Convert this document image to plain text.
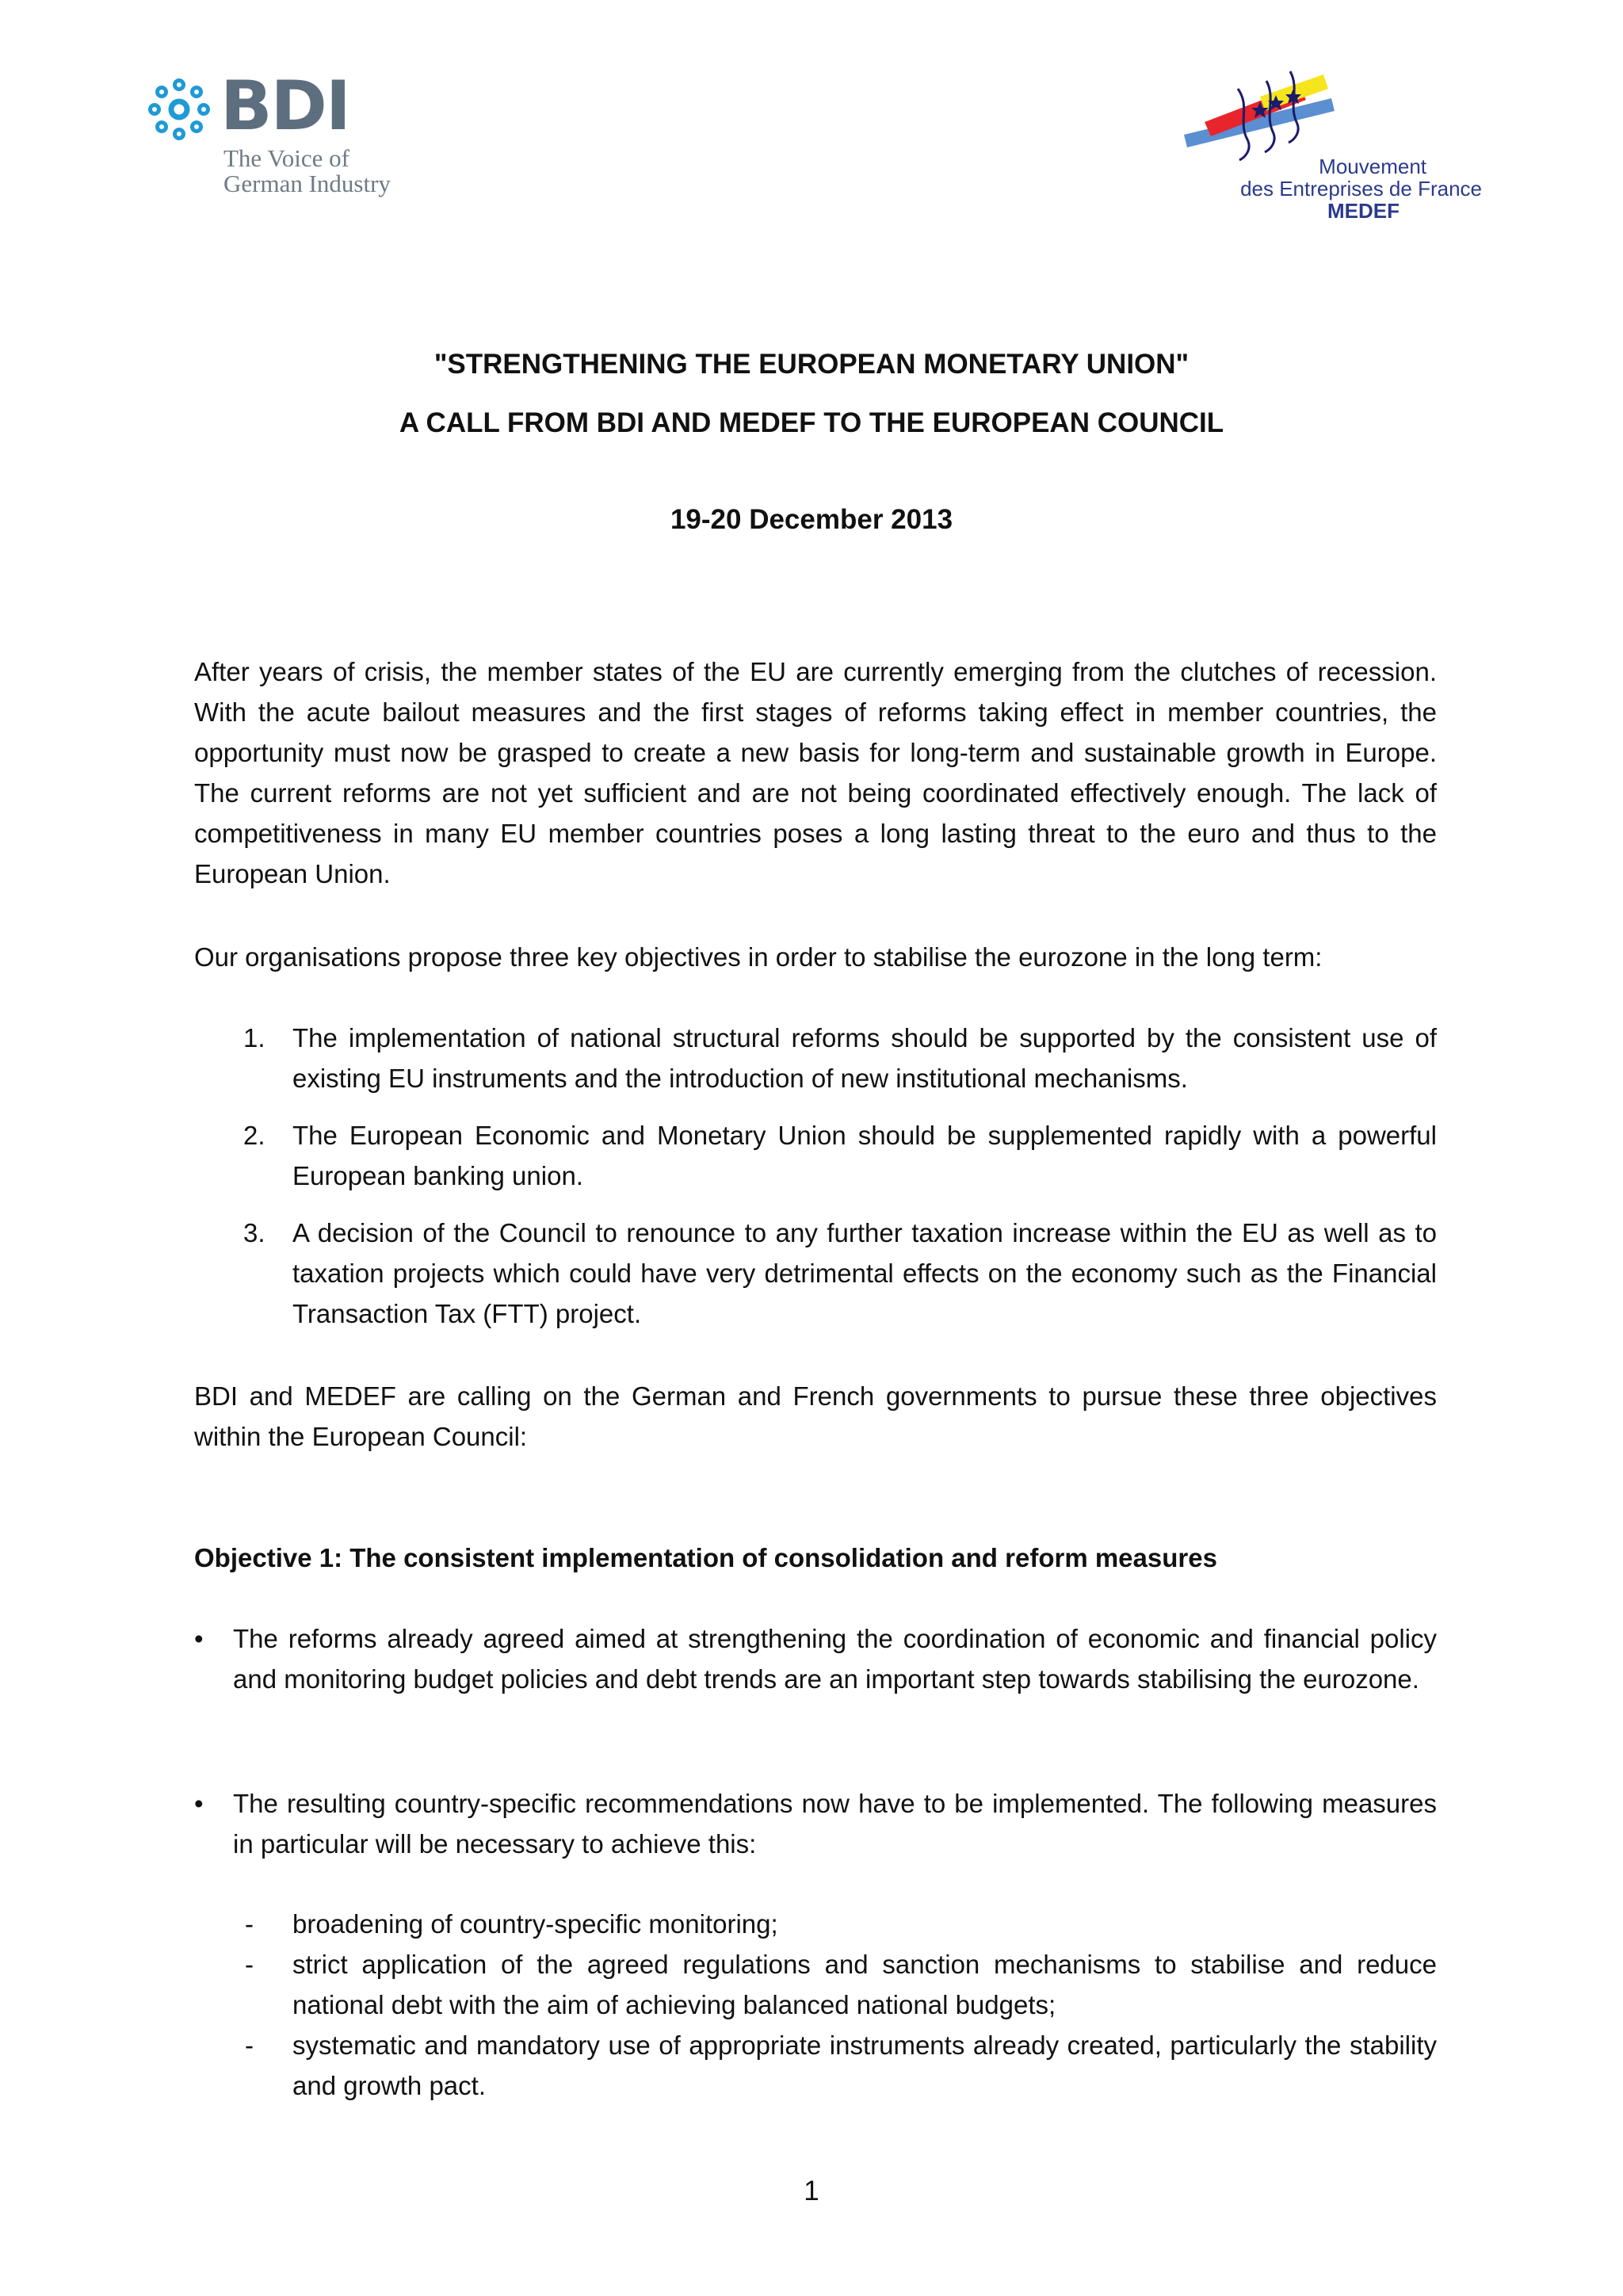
BDI
The Voice of
German Industry
Mouvement
des Entreprises de France
MEDEF
"STRENGTHENING THE EUROPEAN MONETARY UNION"
A CALL FROM BDI AND MEDEF TO THE EUROPEAN COUNCIL
19-20 December 2013
After years of crisis, the member states of the EU are currently emerging from the clutches of recession. With the acute bailout measures and the first stages of reforms taking effect in member countries, the opportunity must now be grasped to create a new basis for long-term and sustainable growth in Europe. The current reforms are not yet sufficient and are not being coordinated effectively enough. The lack of competitiveness in many EU member countries poses a long lasting threat to the euro and thus to the European Union.
Our organisations propose three key objectives in order to stabilise the eurozone in the long term:
1. The implementation of national structural reforms should be supported by the consistent use of existing EU instruments and the introduction of new institutional mechanisms.
2. The European Economic and Monetary Union should be supplemented rapidly with a powerful European banking union.
3. A decision of the Council to renounce to any further taxation increase within the EU as well as to taxation projects which could have very detrimental effects on the economy such as the Financial Transaction Tax (FTT) project.
BDI and MEDEF are calling on the German and French governments to pursue these three objectives within the European Council:
Objective 1: The consistent implementation of consolidation and reform measures
• The reforms already agreed aimed at strengthening the coordination of economic and financial policy and monitoring budget policies and debt trends are an important step towards stabilising the eurozone.
• The resulting country-specific recommendations now have to be implemented. The following measures in particular will be necessary to achieve this:
- broadening of country-specific monitoring;
- strict application of the agreed regulations and sanction mechanisms to stabilise and reduce national debt with the aim of achieving balanced national budgets;
- systematic and mandatory use of appropriate instruments already created, particularly the stability and growth pact.
1
